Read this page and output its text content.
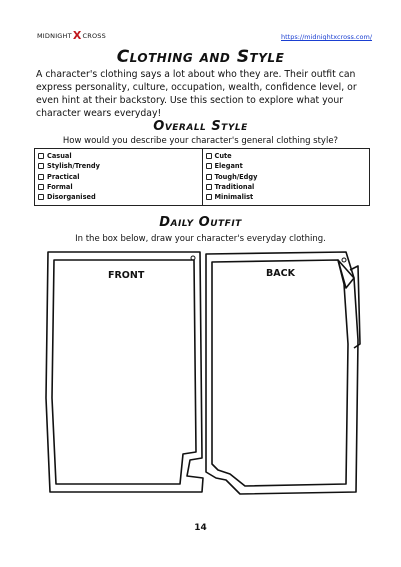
MIDNIGHT X CROSS	https://midnightxcross.com/
Clothing and Style

A character's clothing says a lot about who they are. Their outfit can express personality, culture, occupation, wealth, confidence level, or even hint at their backstory. Use this section to explore what your character wears everyday!

Overall Style
How would you describe your character's general clothing style?
Casual
Stylish/Trendy
Practical
Formal
Disorganised
Cute
Elegant
Tough/Edgy
Traditional
Minimalist
Daily Outfit
In the box below, draw your character's everyday clothing.
FRONT	BACK
14
